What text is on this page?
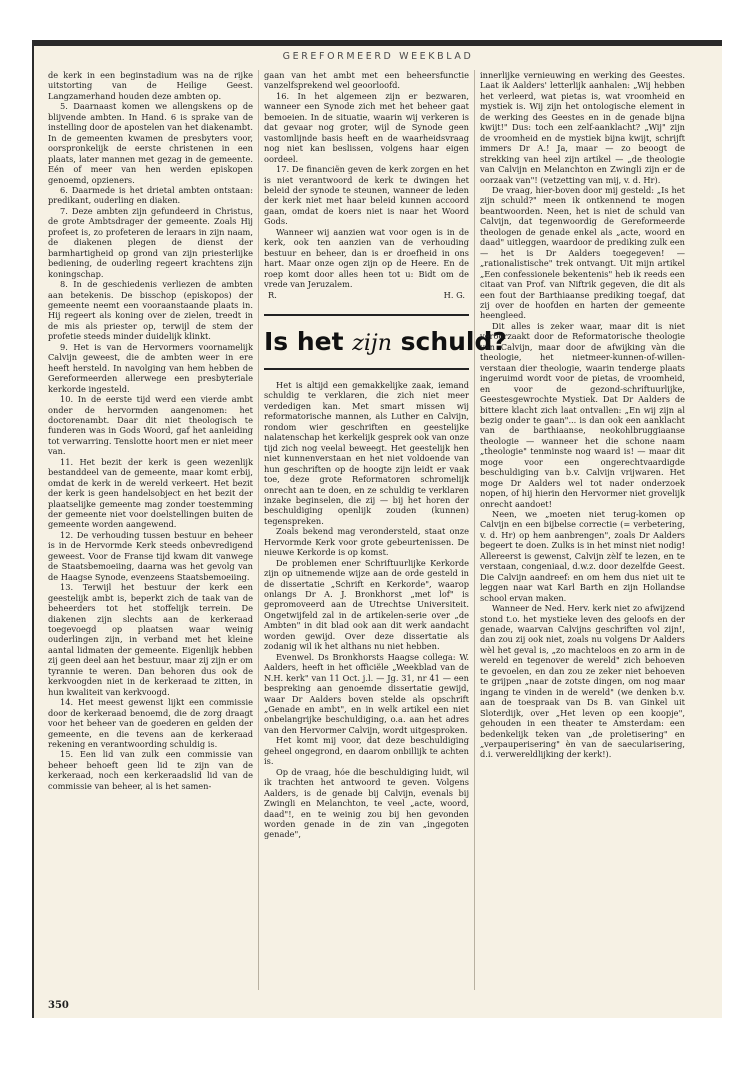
GEREFORMEERD WEEKBLAD

de kerk in een beginstadium was na de rijke uitstorting van de Heilige Geest. Langzamerhand houden deze ambten op.

5. Daarnaast komen we allengskens op de blijvende ambten. In Hand. 6 is sprake van de instelling door de apostelen van het diakenambt. In de gemeenten kwamen de presbyters voor, oorspronkelijk de eerste christenen in een plaats, later mannen met gezag in de gemeente. Eén of meer van hen werden episkopen genoemd, opzieners.

6. Daarmede is het drietal ambten ontstaan: predikant, ouderling en diaken.

7. Deze ambten zijn gefundeerd in Christus, de grote Ambtsdrager der gemeente. Zoals Hij profeet is, zo profeteren de leraars in zijn naam, de diakenen plegen de dienst der barmhartigheid op grond van zijn priesterlijke bediening, de ouderling regeert krachtens zijn koningschap.

8. In de geschiedenis verliezen de ambten aan betekenis. De bisschop (episkopos) der gemeente neemt een vooraanstaande plaats in. Hij regeert als koning over de zielen, treedt in de mis als priester op, terwijl de stem der profetie steeds minder duidelijk klinkt.

9. Het is van de Hervormers voornamelijk Calvijn geweest, die de ambten weer in ere heeft hersteld. In navolging van hem hebben de Gereformeerden allerwege een presbyteriale kerkorde ingesteld.

10. In de eerste tijd werd een vierde ambt onder de hervormden aangenomen: het doctorenambt. Daar dit niet theologisch te funderen was in Gods Woord, gaf het aanleiding tot verwarring. Tenslotte hoort men er niet meer van.

11. Het bezit der kerk is geen wezenlijk bestanddeel van de gemeente, maar komt erbij, omdat de kerk in de wereld verkeert. Het bezit der kerk is geen handelsobject en het bezit der plaatselijke gemeente mag zonder toestemming der gemeente niet voor doelstellingen buiten de gemeente worden aangewend.

12. De verhouding tussen bestuur en beheer is in de Hervormde Kerk steeds onbevredigend geweest. Voor de Franse tijd kwam dit vanwege de Staatsbemoeiing, daarna was het gevolg van de Haagse Synode, evenzeens Staatsbemoeiing.

13. Terwijl het bestuur der kerk een geestelijk ambt is, beperkt zich de taak van de beheerders tot het stoffelijk terrein. De diakenen zijn slechts aan de kerkeraad toegevoegd op plaatsen waar weinig ouderlingen zijn, in verband met het kleine aantal lidmaten der gemeente. Eigenlijk hebben zij geen deel aan het bestuur, maar zij zijn er om tyrannie te weren. Dan behoren dus ook de kerkvoogden niet in de kerkeraad te zitten, in hun kwaliteit van kerkvoogd.

14. Het meest gewenst lijkt een commissie door de kerkeraad benoemd, die de zorg draagt voor het beheer van de goederen en gelden der gemeente, en die tevens aan de kerkeraad rekening en verantwoording schuldig is.

15. Een lid van zulk een commissie van beheer behoeft geen lid te zijn van de kerkeraad, noch een kerkeraadslid lid van de commissie van beheer, al is het samen-

gaan van het ambt met een beheersfunctie vanzelfsprekend wel geoorloofd.

16. In het algemeen zijn er bezwaren, wanneer een Synode zich met het beheer gaat bemoeien. In de situatie, waarin wij verkeren is dat gevaar nog groter, wijl de Synode geen vastomlijnde basis heeft en de waarheidsvraag nog niet kan beslissen, volgens haar eigen oordeel.

17. De financiën geven de kerk zorgen en het is niet verantwoord de kerk te dwingen het beleid der synode te steunen, wanneer de leden der kerk niet met haar beleid kunnen accoord gaan, omdat de koers niet is naar het Woord Gods.

Wanneer wij aanzien wat voor ogen is in de kerk, ook ten aanzien van de verhouding bestuur en beheer, dan is er droefheid in ons hart. Maar onze ogen zijn op de Heere. En de roep komt door alles heen tot u: Bidt om de vrede van Jeruzalem.

R.	H. G.
Is het zijn schuld?

Het is altijd een gemakkelijke zaak, iemand schuldig te verklaren, die zich niet meer verdedigen kan. Met smart missen wij reformatorische mannen, als Luther en Calvijn, rondom wier geschriften en geestelijke nalatenschap het kerkelijk gesprek ook van onze tijd zich nog veelal beweegt. Het geestelijk hen niet kunnenverstaan en het niet voldoende van hun geschriften op de hoogte zijn leidt er vaak toe, deze grote Reformatoren schromelijk onrecht aan te doen, en ze schuldig te verklaren inzake beginselen, die zij — bij het horen der beschuldiging openlijk zouden (kunnen) tegenspreken.

Zoals bekend mag verondersteld, staat onze Hervormde Kerk voor grote gebeurtenissen. De nieuwe Kerkorde is op komst.

De problemen ener Schriftuurlijke Kerkorde zijn op uitnemende wijze aan de orde gesteld in de dissertatie „Schrift en Kerkorde", waarop onlangs Dr A. J. Bronkhorst „met lof" is gepromoveerd aan de Utrechtse Universiteit. Ongetwijfeld zal in de artikelen-serie over „de Ambten" in dit blad ook aan dit werk aandacht worden gewijd. Over deze dissertatie als zodanig wil ik het althans nu niet hebben.

Evenwel. Ds Bronkhorsts Haagse collega: W. Aalders, heeft in het officiële „Weekblad van de N.H. kerk" van 11 Oct. j.l. — Jg. 31, nr 41 — een bespreking aan genoemde dissertatie gewijd, waar Dr Aalders boven stelde als opschrift „Genade en ambt", en in welk artikel een niet onbelangrijke beschuldiging, o.a. aan het adres van den Hervormer Calvijn, wordt uitgesproken.

Het komt mij voor, dat deze beschuldiging geheel ongegrond, en daarom onbillijk te achten is.

Op de vraag, hóe die beschuldiging luidt, wil ik trachten het antwoord te geven. Volgens Aalders, is de genade bij Calvijn, evenals bij Zwingli en Melanchton, te veel „acte, woord, daad"!, en te weinig zou bij hen gevonden worden genade in de zin van „ingegoten genade",

innerlijke vernieuwing en werking des Geestes. Laat ik Aalders' letterlijk aanhalen: „Wij hebben het verleerd, wat pietas is, wat vroomheid en mystiek is. Wij zijn het ontologische element in de werking des Geestes en in de genade bijna kwijt!" Dus: toch een zelf-aanklacht? „Wij" zijn de vroomheid en de mystiek bijna kwijt, schrijft immers Dr A.! Ja, maar — zo beoogt de strekking van heel zijn artikel — „de theologie van Calvijn en Melanchton en Zwingli zijn er de oorzaak van"! (vetzetting van mij, v. d. Hr).

De vraag, hier-boven door mij gesteld: „Is het zijn schuld?" meen ik ontkennend te mogen beantwoorden. Neen, het is niet de schuld van Calvijn, dat tegenwoordig de Gereformeerde theologen de genade enkel als „acte, woord en daad" uitleggen, waardoor de prediking zulk een — het is Dr Aalders toegegeven! — „rationalistische" trek ontvangt. Uit mijn artikel „Een confessionele bekentenis" heb ik reeds een citaat van Prof. van Niftrik gegeven, die dit als een fout der Barthiaanse prediking toegaf, dat zij over de hoofden en harten der gemeente heengleed.

Dit alles is zeker waar, maar dit is niet veroorzaakt door de Reformatorische theologie van Calvijn, maar door de afwijking vàn die theologie, het nietmeer-kunnen-of-willen-verstaan dier theologie, waarin tenderge plaats ingeruimd wordt voor de pietas, de vroomheid, en voor de gezond-schriftuurlijke, Geestesgewrochte Mystiek. Dat Dr Aalders de bittere klacht zich laat ontvallen: „En wij zijn al bezig onder te gaan"... is dan ook een aanklacht van de barthiaanse, neokohlbruggiaanse theologie — wanneer het die schone naam „theologie" tenminste nog waard is! — maar dit moge voor een ongerechtvaardigde beschuldiging van b.v. Calvijn vrijwaren. Het moge Dr Aalders wel tot nader onderzoek nopen, of hij hierin den Hervormer niet grovelijk onrecht aandoet!

Neen, we „moeten niet terug-komen op Calvijn en een bijbelse correctie (= verbetering, v. d. Hr) op hem aanbrengen", zoals Dr Aalders begeert te doen. Zulks is in het minst niet nodig! Allereerst is gewenst, Calvijn zèlf te lezen, en te verstaan, congeniaal, d.w.z. door dezelfde Geest. Die Calvijn aandreef: en om hem dus niet uit te leggen naar wat Karl Barth en zijn Hollandse school ervan maken.

Wanneer de Ned. Herv. kerk niet zo afwijzend stond t.o. het mystieke leven des geloofs en der genade, waarvan Calvijns geschriften vol zijn!, dan zou zij ook niet, zoals nu volgens Dr Aalders wèl het geval is, „zo machteloos en zo arm in de wereld en tegenover de wereld" zich behoeven te gevoelen, en dan zou ze zeker niet behoeven te grijpen „naar de zotste dingen, om nog maar ingang te vinden in de wereld" (we denken b.v. aan de toespraak van Ds B. van Ginkel uit Sloterdijk, over „Het leven op een koopje", gehouden in een theater te Amsterdam: een bedenkelijk teken van „de proletisering" en „verpauperisering" èn van de saecularisering, d.i. verwereldlijking der kerk!).

350
